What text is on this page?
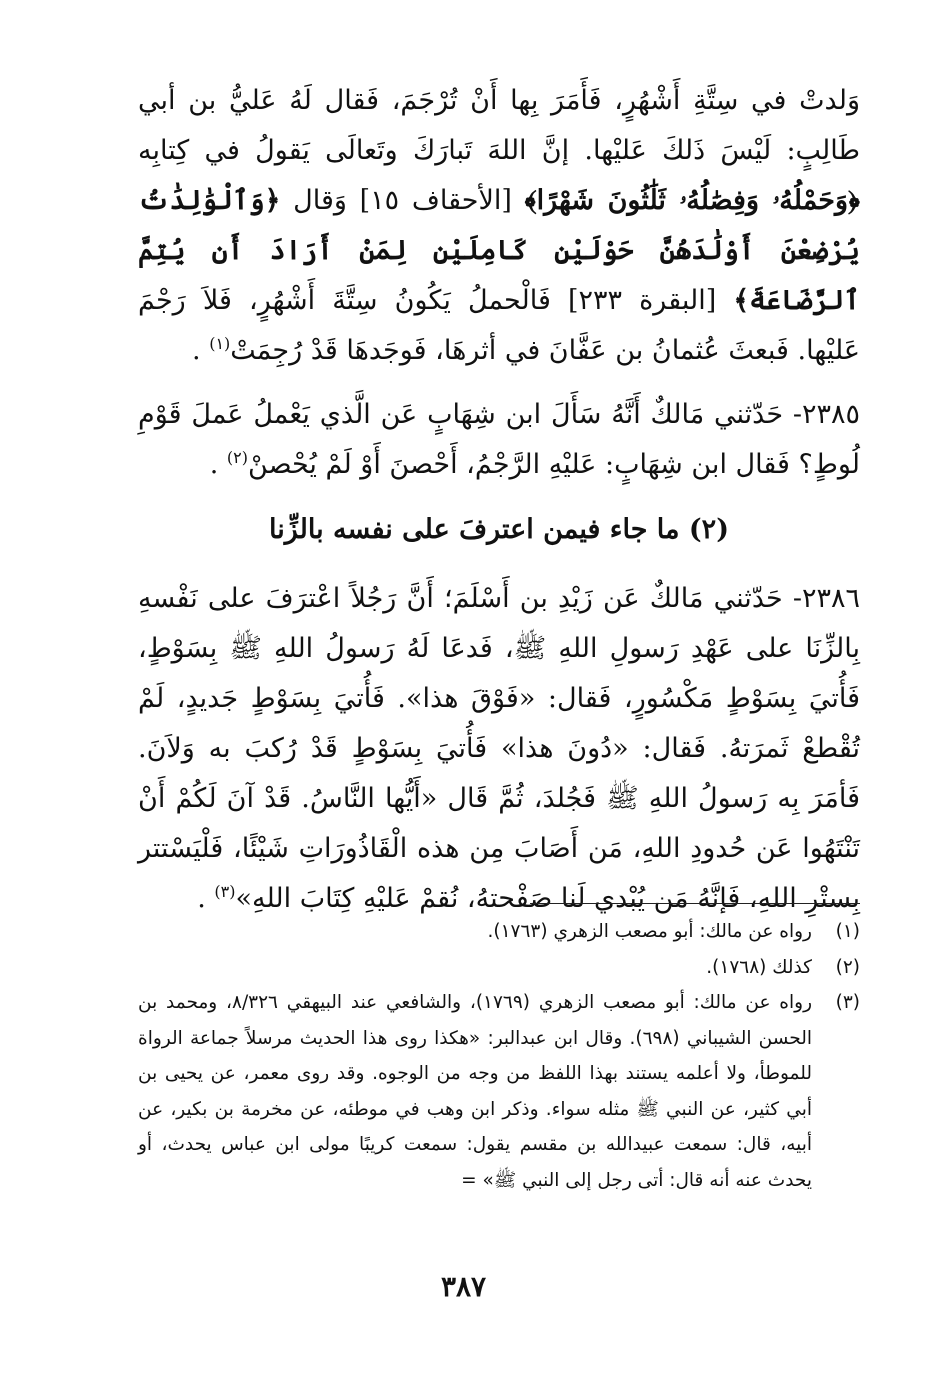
وَلدتْ في سِتَّةِ أَشْهُرٍ، فَأَمَرَ بِها أَنْ تُرْجَمَ، فَقال لَهُ عَليُّ بن أبي طَالِبٍ: لَيْسَ ذَلكَ عَليْها. إنَّ اللهَ تَبارَكَ وتَعالَى يَقولُ في كِتابِه ﴿وَحَمْلُهُۥ وَفِصَٰلُهُۥ ثَلَٰثُونَ شَهْرًا﴾ [الأحقاف ١٥] وَقال ﴿وَٱلْوَٰلِدَٰتُ يُرْضِعْنَ أَوْلَٰدَهُنَّ حَوْلَيْنِ كَامِلَيْنِ لِمَنْ أَرَادَ أَن يُتِمَّ ٱلرَّضَاعَةَ﴾ [البقرة ٢٣٣] فَالْحملُ يَكُونُ سِتَّةَ أَشْهُرٍ، فَلاَ رَجْمَ عَليْها. فَبعثَ عُثمانُ بن عَفَّانَ في أثرهَا، فَوجَدهَا قَدْ رُجِمَتْ$^{(١)}$ .

٢٣٨٥- حَدّثني مَالكٌ أَنَّهُ سَأَلَ ابن شِهَابٍ عَن الَّذي يَعْملُ عَملَ قَوْمِ لُوطٍ؟ فَقال ابن شِهَابٍ: عَليْهِ الرَّجْمُ، أَحْصنَ أَوْ لَمْ يُحْصنْ$^{(٢)}$ .

(٢) ما جاء فيمن اعترفَ على نفسه بالزِّنا

٢٣٨٦- حَدّثني مَالكٌ عَن زَيْدِ بن أَسْلَمَ؛ أَنَّ رَجُلاً اعْترَفَ على نَفْسهِ بِالزِّنَا على عَهْدِ رَسولِ اللهِ ﷺ، فَدعَا لَهُ رَسولُ اللهِ ﷺ بِسَوْطٍ، فَأُتيَ بِسَوْطٍ مَكْسُورٍ، فَقال: «فَوْقَ هذا». فَأُتيَ بِسَوْطٍ جَديدٍ، لَمْ تُقْطعْ ثَمرَتهُ. فَقال: «دُونَ هذا» فَأُتيَ بِسَوْطٍ قَدْ رُكبَ به وَلاَنَ. فَأمَرَ بِه رَسولُ اللهِ ﷺ فَجُلدَ، ثُمَّ قَال «أَيُّها النَّاسُ. قَدْ آنَ لَكُمْ أَنْ تَنْتَهُوا عَن حُدودِ اللهِ، مَن أَصَابَ مِن هذه الْقَاذُورَاتِ شَيْئًا، فَلْيَسْتتر بِستْرِ اللهِ، فَإنَّهُ مَن يُبْدي لَنا صَفْحتهُ، نُقمْ عَليْهِ كِتَابَ اللهِ»$^{(٣)}$ .

(١)
رواه عن مالك: أبو مصعب الزهري (١٧٦٣).
(٢)
كذلك (١٧٦٨).
(٣)
رواه عن مالك: أبو مصعب الزهري (١٧٦٩)، والشافعي عند البيهقي ٨/٣٢٦، ومحمد بن الحسن الشيباني (٦٩٨). وقال ابن عبدالبر: «هكذا روى هذا الحديث مرسلاً جماعة الرواة للموطأ، ولا أعلمه يستند بهذا اللفظ من وجه من الوجوه. وقد روى معمر، عن يحيى بن أبي كثير، عن النبي ﷺ مثله سواء. وذكر ابن وهب في موطئه، عن مخرمة بن بكير، عن أبيه، قال: سمعت عبيدالله بن مقسم يقول: سمعت كريبًا مولى ابن عباس يحدث، أو يحدث عنه أنه قال: أتى رجل إلى النبي ﷺ» =
٣٨٧
